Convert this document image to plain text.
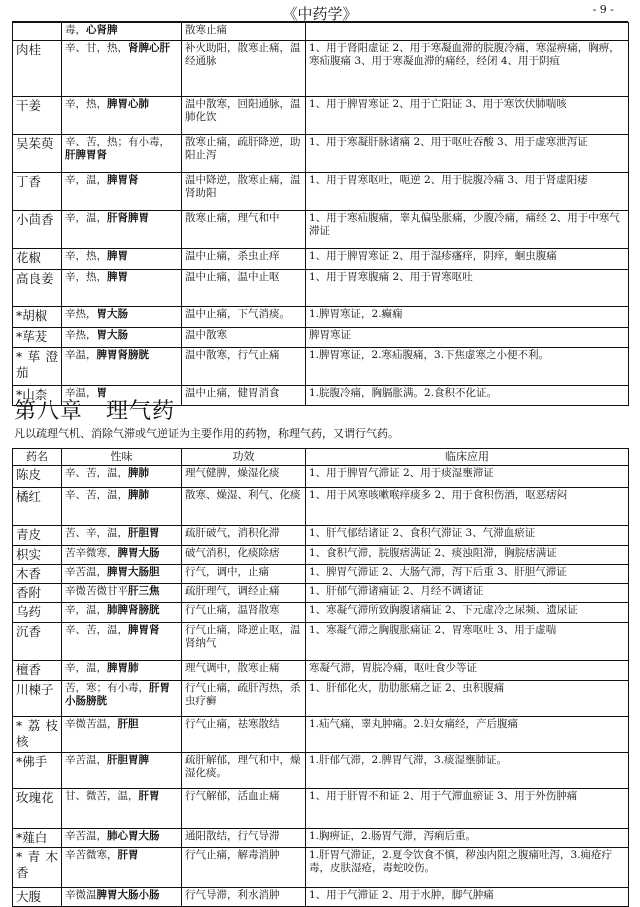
《中药学》	- 9 -
	毒，心肾脾	散寒止痛	
肉桂	辛、甘，热，肾脾心肝	补火助阳，散寒止痛，温经通脉	1、用于肾阳虚证 2、用于寒凝血滞的脘腹冷痛，寒湿痹痛，胸痹，寒疝腹痛 3、用于寒凝血滞的痛经，经闭 4、用于阴疽
干姜	辛，热，脾胃心肺	温中散寒，回阳通脉，温肺化饮	1、用于脾胃寒证 2、用于亡阳证 3、用于寒饮伏肺喘咳
吴茱萸	辛、苦，热；有小毒，肝脾胃肾	散寒止痛，疏肝降逆，助阳止泻	1、用于寒凝肝脉诸痛 2、用于呕吐吞酸 3、用于虚寒泄泻证
丁香	辛，温，脾胃肾	温中降逆，散寒止痛，温肾助阳	1、用于胃寒呕吐，呃逆 2、用于脘腹冷痛 3、用于肾虚阳痿
小茴香	辛，温，肝肾脾胃	散寒止痛，理气和中	1、用于寒疝腹痛，睾丸偏坠胀痛，少腹冷痛，痛经 2、用于中寒气滞证
花椒	辛，热，脾胃	温中止痛，杀虫止痒	1、用于脾胃寒证 2、用于湿疹瘙痒，阴痒，蛔虫腹痛
高良姜	辛，热，脾胃	温中止痛，温中止呕	1、用于胃寒腹痛 2、用于胃寒呕吐
*胡椒	辛热，胃大肠	温中止痛，下气消痰。	1.脾胃寒证，2.癫痫
*荜茇	辛热，胃大肠	温中散寒	脾胃寒证
*荜澄茄	辛温，脾胃肾膀胱	温中散寒，行气止痛	1.脾胃寒证，2.寒疝腹痛，3.下焦虚寒之小便不利。
*山柰	辛温，胃	温中止痛，健胃消食	1.脘腹冷痛，胸膈胀满。2.食积不化证。
第八章　理气药
凡以疏理气机、消除气滞或气逆证为主要作用的药物，称理气药，又谓行气药。
药名	性味	功效	临床应用
陈皮	辛、苦，温，脾肺	理气健脾，燥湿化痰	1、用于脾胃气滞证 2、用于痰湿壅滞证
橘红	辛、苦，温，脾肺	散寒、燥湿、利气、化痰	1、用于风寒咳嗽喉痒痰多 2、用于食积伤酒，呕恶痞闷
青皮	苦、辛，温，肝胆胃	疏肝破气，消积化滞	1、肝气郁结诸证 2、食积气滞证 3、气滞血瘀证
枳实	苦辛微寒，脾胃大肠	破气消积，化痰除痞	1、食积气滞，脘腹痞满证 2、痰浊阻滞，胸脘痞满证
木香	辛苦温，脾胃大肠胆	行气，调中，止痛	1、脾胃气滞证 2、大肠气滞，泻下后重 3、肝胆气滞证
香附	辛微苦微甘平肝三焦	疏肝理气，调经止痛	1、肝郁气滞诸痛证 2、月经不调诸证
乌药	辛，温，肺脾肾膀胱	行气止痛，温肾散寒	1、寒凝气滞所致胸腹诸痛证 2、下元虚冷之尿频、遗尿证
沉香	辛、苦，温，脾胃肾	行气止痛，降逆止呕，温肾纳气	1、寒凝气滞之胸腹胀痛证 2、胃寒呕吐 3、用于虚喘
檀香	辛，温，脾胃肺	理气调中，散寒止痛	寒凝气滞，胃脘冷痛，呕吐食少等证
川楝子	苦，寒；有小毒，肝胃小肠膀胱	行气止痛，疏肝泻热，杀虫疗癣	1、肝郁化火，肋肋胀痛之证 2、虫积腹痛
*荔枝核	辛微苦温，肝胆	行气止痛，祛寒散结	1.疝气痛，睾丸肿痛。2.妇女痛经，产后腹痛
*佛手	辛苦温，肝胆胃脾	疏肝解郁，理气和中，燥湿化痰。	1.肝郁气滞，2.脾胃气滞，3.痰湿壅肺证。
玫瑰花	甘、微苦，温，肝胃	行气解郁，活血止痛	1、用于肝胃不和证 2、用于气滞血瘀证 3、用于外伤肿痛
*薤白	辛苦温，肺心胃大肠	通阳散结，行气导滞	1.胸痹证，2.肠胃气滞，泻痢后重。
*青木香	辛苦微寒，肝胃	行气止痛，解毒消肿	1.肝胃气滞证，2.夏令饮食不慎，秽浊内阻之腹痛吐泻，3.痈疮疔毒，皮肤湿疮，毒蛇咬伤。
大腹	辛微温脾胃大肠小肠	行气导滞，利水消肿	1、用于气滞证 2、用于水肿，脚气肿痛
